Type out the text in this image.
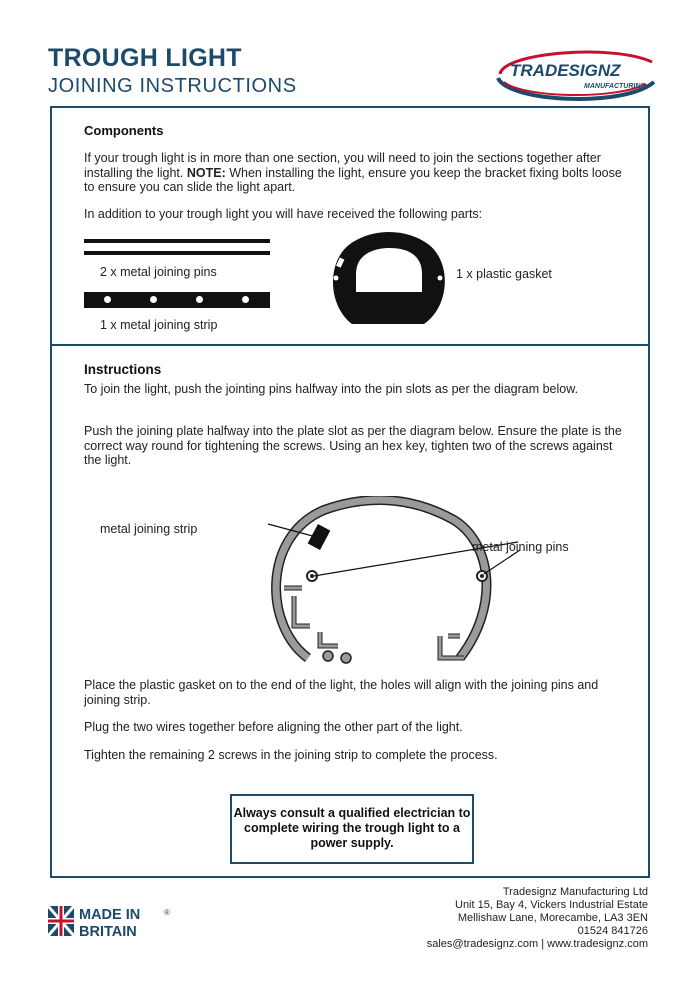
TROUGH LIGHT
JOINING INSTRUCTIONS
TRADESIGNZ
MANUFACTURING
Components
If your trough light is in more than one section, you will need to join the sections together after installing the light. NOTE: When installing the light, ensure you keep the bracket fixing bolts loose to ensure you can slide the light apart.
In addition to your trough light you will have received the following parts:
2 x metal joining pins
1 x metal joining strip
1 x plastic gasket
Instructions
To join the light, push the jointing pins halfway into the pin slots as per the diagram below.
Push the joining plate halfway into the plate slot as per the diagram below. Ensure the plate is the correct way round for tightening the screws. Using an hex key, tighten two of the screws against the light.
metal joining strip
metal joining pins
Place the plastic gasket on to the end of the light, the holes will align with the joining pins and joining strip.
Plug the two wires together before aligning the other part of the light.
Tighten the remaining 2 screws in the joining strip to complete the process.
Always consult a qualified electrician to complete wiring the trough light to a power supply.
MADE IN
BRITAIN
®
Tradesignz Manufacturing Ltd
Unit 15, Bay 4, Vickers Industrial Estate
Mellishaw Lane, Morecambe, LA3 3EN
01524 841726
sales@tradesignz.com | www.tradesignz.com
